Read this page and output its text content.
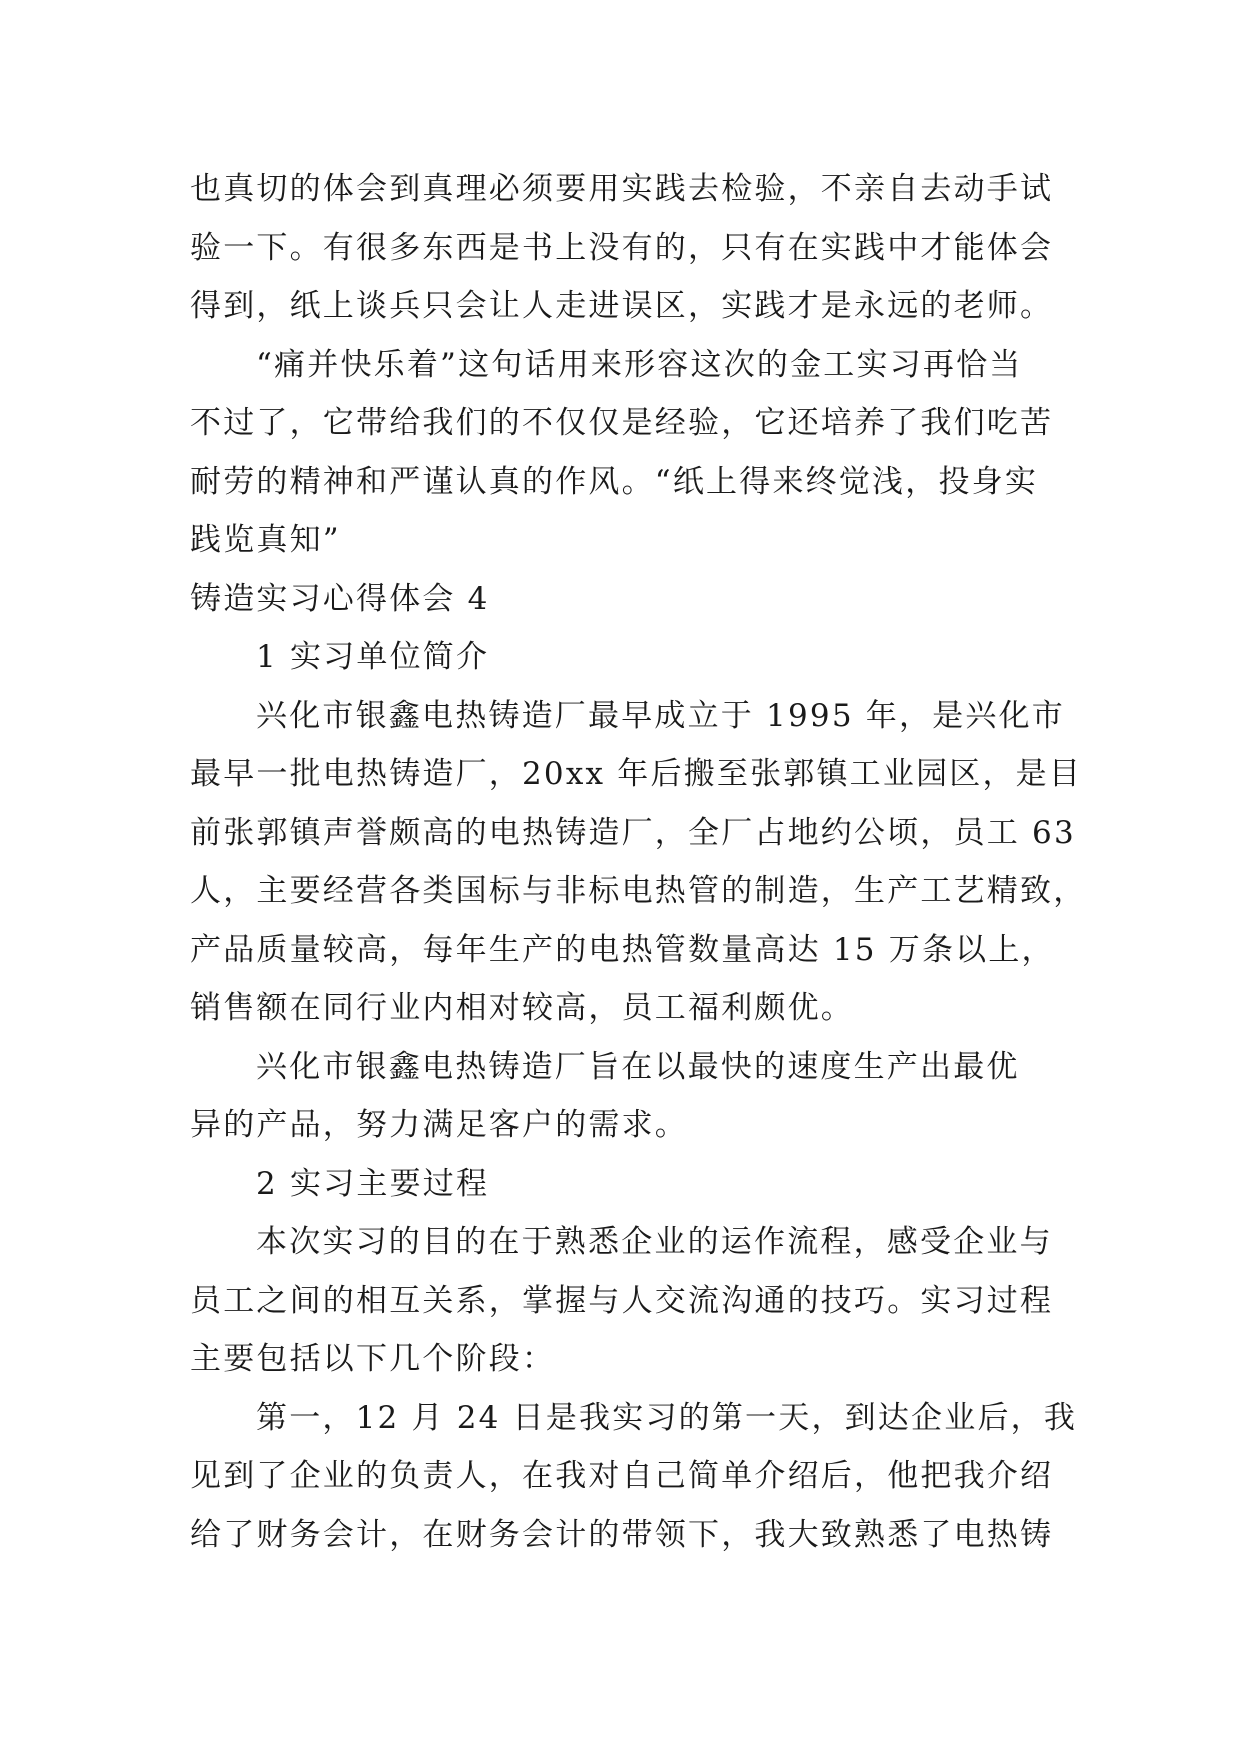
也真切的体会到真理必须要用实践去检验，不亲自去动手试
验一下。有很多东西是书上没有的，只有在实践中才能体会
得到，纸上谈兵只会让人走进误区，实践才是永远的老师。
“痛并快乐着”这句话用来形容这次的金工实习再恰当
不过了，它带给我们的不仅仅是经验，它还培养了我们吃苦
耐劳的精神和严谨认真的作风。“纸上得来终觉浅，投身实
践览真知”
铸造实习心得体会 4
1 实习单位简介
兴化市银鑫电热铸造厂最早成立于 1995 年，是兴化市
最早一批电热铸造厂，20xx 年后搬至张郭镇工业园区，是目
前张郭镇声誉颇高的电热铸造厂，全厂占地约公顷，员工 63
人，主要经营各类国标与非标电热管的制造，生产工艺精致，
产品质量较高，每年生产的电热管数量高达 15 万条以上，
销售额在同行业内相对较高，员工福利颇优。
兴化市银鑫电热铸造厂旨在以最快的速度生产出最优
异的产品，努力满足客户的需求。
2 实习主要过程
本次实习的目的在于熟悉企业的运作流程，感受企业与
员工之间的相互关系，掌握与人交流沟通的技巧。实习过程
主要包括以下几个阶段：
第一，12 月 24 日是我实习的第一天，到达企业后，我
见到了企业的负责人，在我对自己简单介绍后，他把我介绍
给了财务会计，在财务会计的带领下，我大致熟悉了电热铸
